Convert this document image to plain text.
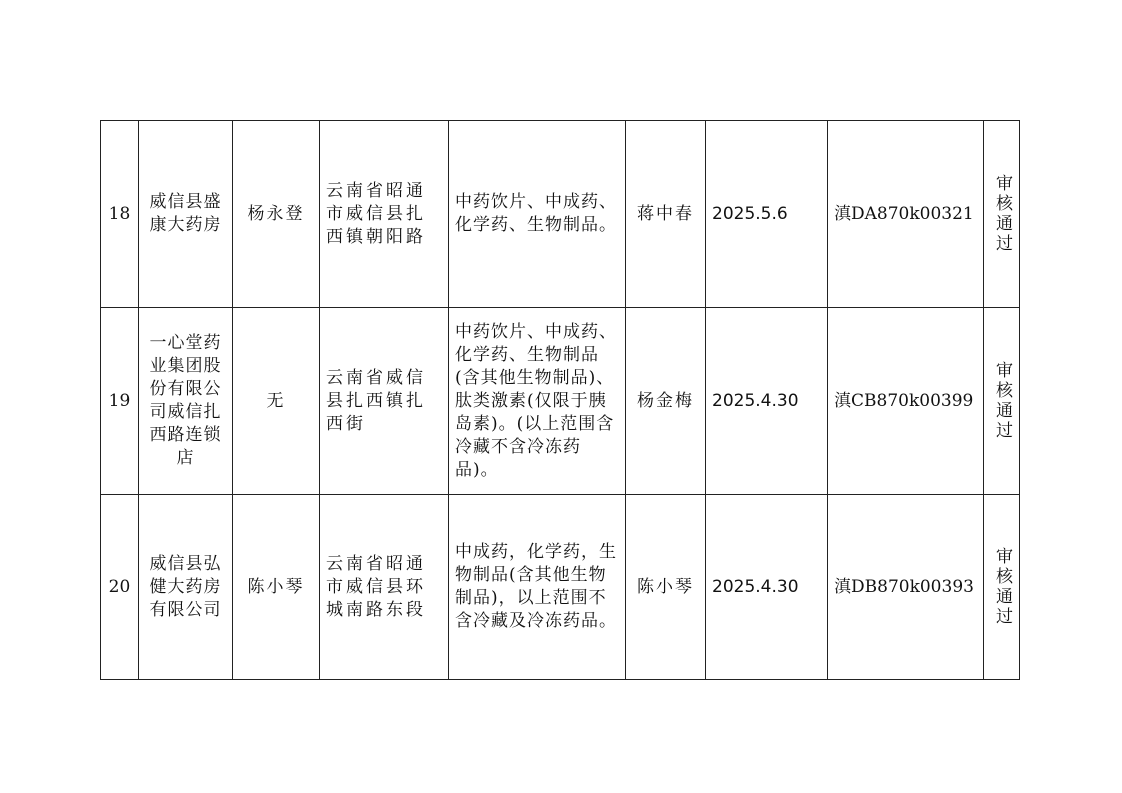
18	威信县盛康大药房	杨永登	云南省昭通市威信县扎西镇朝阳路	中药饮片、中成药、化学药、生物制品。	蒋中春	2025.5.6	滇DA870k00321	审核通过
19	一心堂药业集团股份有限公司威信扎西路连锁店	无	云南省威信县扎西镇扎西街	中药饮片、中成药、化学药、生物制品(含其他生物制品)、肽类激素(仅限于胰岛素)。(以上范围含冷藏不含冷冻药品)。	杨金梅	2025.4.30	滇CB870k00399	审核通过
20	威信县弘健大药房有限公司	陈小琴	云南省昭通市威信县环城南路东段	中成药，化学药，生物制品(含其他生物制品)，以上范围不含冷藏及冷冻药品。	陈小琴	2025.4.30	滇DB870k00393	审核通过
